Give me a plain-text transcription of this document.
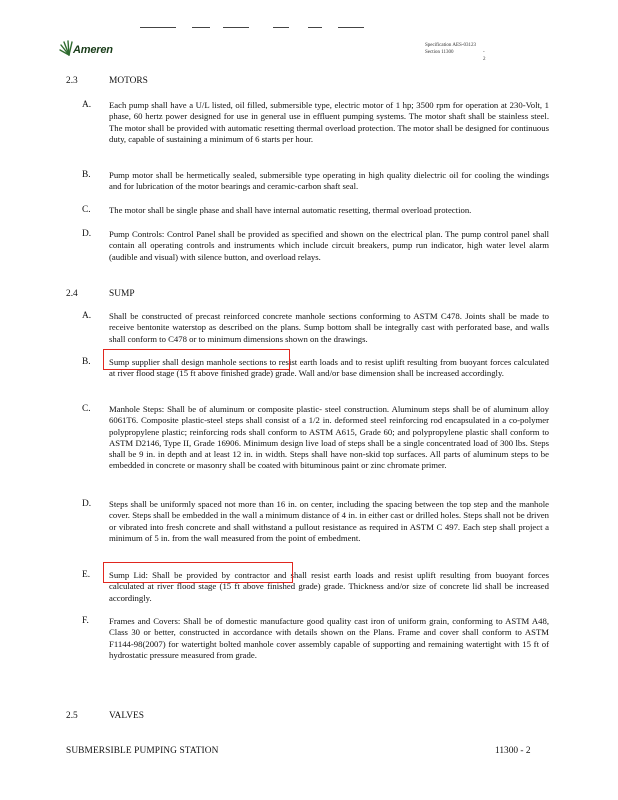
Ameren	Specification AES-03123
Section 11300	- 2
2.3	MOTORS
A. Each pump shall have a U/L listed, oil filled, submersible type, electric motor of 1 hp; 3500 rpm for operation at 230-Volt, 1 phase, 60 hertz power designed for use in general use in effluent pumping systems. The motor shaft shall be stainless steel. The motor shall be provided with automatic resetting thermal overload protection. The motor shall be designed for continuous duty, capable of sustaining a minimum of 6 starts per hour.
B. Pump motor shall be hermetically sealed, submersible type operating in high quality dielectric oil for cooling the windings and for lubrication of the motor bearings and ceramic-carbon shaft seal.
C. The motor shall be single phase and shall have internal automatic resetting, thermal overload protection.
D. Pump Controls: Control Panel shall be provided as specified and shown on the electrical plan. The pump control panel shall contain all operating controls and instruments which include circuit breakers, pump run indicator, high water level alarm (audible and visual) with silence button, and overload relays.
2.4	SUMP
A. Shall be constructed of precast reinforced concrete manhole sections conforming to ASTM C478. Joints shall be made to receive bentonite waterstop as described on the plans. Sump bottom shall be integrally cast with perforated base, and walls shall conform to C478 or to minimum dimensions shown on the drawings.
B. Sump supplier shall design manhole sections to resist earth loads and to resist uplift resulting from buoyant forces calculated at river flood stage (15 ft above finished grade) grade. Wall and/or base dimension shall be increased accordingly.
C. Manhole Steps: Shall be of aluminum or composite plastic- steel construction. Aluminum steps shall be of aluminum alloy 6061T6. Composite plastic-steel steps shall consist of a 1/2 in. deformed steel reinforcing rod encapsulated in a co-polymer polypropylene plastic; reinforcing rods shall conform to ASTM A615, Grade 60; and polypropylene plastic shall conform to ASTM D2146, Type II, Grade 16906. Minimum design live load of steps shall be a single concentrated load of 300 lbs. Steps shall be 9 in. in depth and at least 12 in. in width. Steps shall have non-skid top surfaces. All parts of aluminum steps to be embedded in concrete or masonry shall be coated with bituminous paint or zinc chromate primer.
D. Steps shall be uniformly spaced not more than 16 in. on center, including the spacing between the top step and the manhole cover. Steps shall be embedded in the wall a minimum distance of 4 in. in either cast or drilled holes. Steps shall not be driven or vibrated into fresh concrete and shall withstand a pullout resistance as required in ASTM C 497. Each step shall project a minimum of 5 in. from the wall measured from the point of embedment.
E. Sump Lid: Shall be provided by contractor and shall resist earth loads and resist uplift resulting from buoyant forces calculated at river flood stage (15 ft above finished grade) grade. Thickness and/or size of concrete lid shall be increased accordingly.
F. Frames and Covers: Shall be of domestic manufacture good quality cast iron of uniform grain, conforming to ASTM A48, Class 30 or better, constructed in accordance with details shown on the Plans. Frame and cover shall conform to ASTM F1144-98(2007) for watertight bolted manhole cover assembly capable of supporting and remaining watertight with 15 ft of hydrostatic pressure measured from grade.
2.5	VALVES
SUBMERSIBLE PUMPING STATION	11300 - 2
